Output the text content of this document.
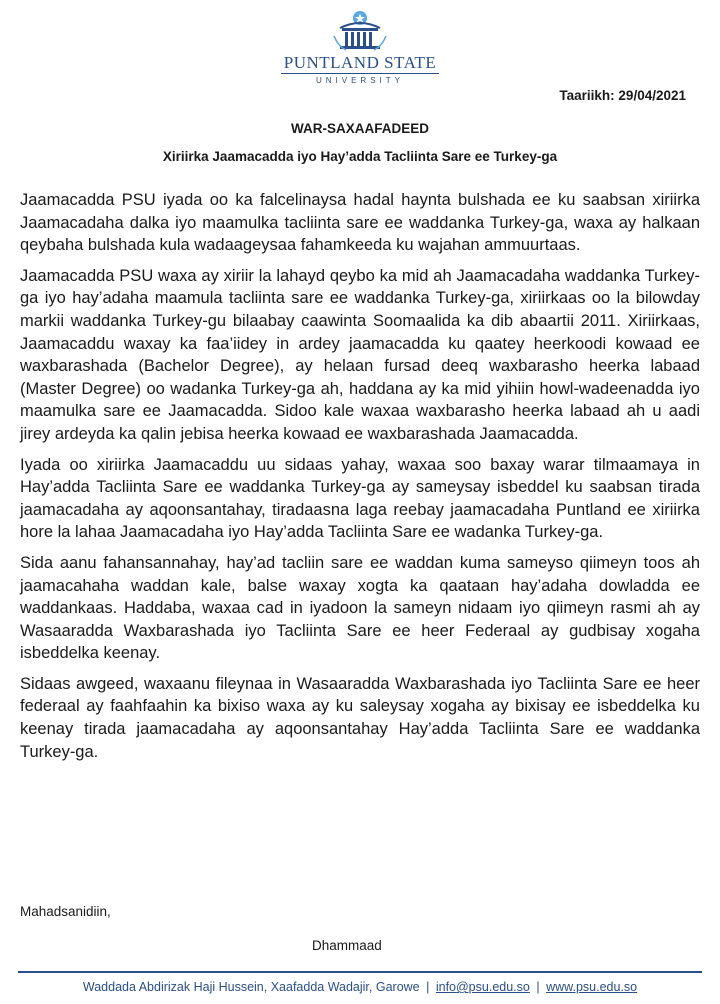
PUNTLAND STATE
UNIVERSITY
Taariikh: 29/04/2021
WAR-SAXAAFADEED
Xiriirka Jaamacadda iyo Hay’adda Tacliinta Sare ee Turkey-ga

Jaamacadda PSU iyada oo ka falcelinaysa hadal haynta bulshada ee ku saabsan xiriirka Jaamacadaha dalka iyo maamulka tacliinta sare ee waddanka Turkey-ga, waxa ay halkaan qeybaha bulshada kula wadaageysaa fahamkeeda ku wajahan ammuurtaas.

Jaamacadda PSU waxa ay xiriir la lahayd qeybo ka mid ah Jaamacadaha waddanka Turkey-ga iyo hay’adaha maamula tacliinta sare ee waddanka Turkey-ga, xiriirkaas oo la bilowday markii waddanka Turkey-gu bilaabay caawinta Soomaalida ka dib abaartii 2011. Xiriirkaas, Jaamacaddu waxay ka faa’iidey in ardey jaamacadda ku qaatey heerkoodi kowaad ee waxbarashada (Bachelor Degree), ay helaan fursad deeq waxbarasho heerka labaad (Master Degree) oo wadanka Turkey-ga ah, haddana ay ka mid yihiin howl-wadeenadda iyo maamulka sare ee Jaamacadda. Sidoo kale waxaa waxbarasho heerka labaad ah u aadi jirey ardeyda ka qalin jebisa heerka kowaad ee waxbarashada Jaamacadda.

Iyada oo xiriirka Jaamacaddu uu sidaas yahay, waxaa soo baxay warar tilmaamaya in Hay’adda Tacliinta Sare ee waddanka Turkey-ga ay sameysay isbeddel ku saabsan tirada jaamacadaha ay aqoonsantahay, tiradaasna laga reebay jaamacadaha Puntland ee xiriirka hore la lahaa Jaamacadaha iyo Hay’adda Tacliinta Sare ee wadanka Turkey-ga.

Sida aanu fahansannahay, hay’ad tacliin sare ee waddan kuma sameyso qiimeyn toos ah jaamacahaha waddan kale, balse waxay xogta ka qaataan hay’adaha dowladda ee waddankaas. Haddaba, waxaa cad in iyadoon la sameyn nidaam iyo qiimeyn rasmi ah ay Wasaaradda Waxbarashada iyo Tacliinta Sare ee heer Federaal ay gudbisay xogaha isbeddelka keenay.

Sidaas awgeed, waxaanu fileynaa in Wasaaradda Waxbarashada iyo Tacliinta Sare ee heer federaal ay faahfaahin ka bixiso waxa ay ku saleysay xogaha ay bixisay ee isbeddelka ku keenay tirada jaamacadaha ay aqoonsantahay Hay’adda Tacliinta Sare ee waddanka Turkey-ga.

Mahadsanidiin,
Dhammaad
Waddada Abdirizak Haji Hussein, Xaafadda Wadajir, Garowe | info@psu.edu.so | www.psu.edu.so
